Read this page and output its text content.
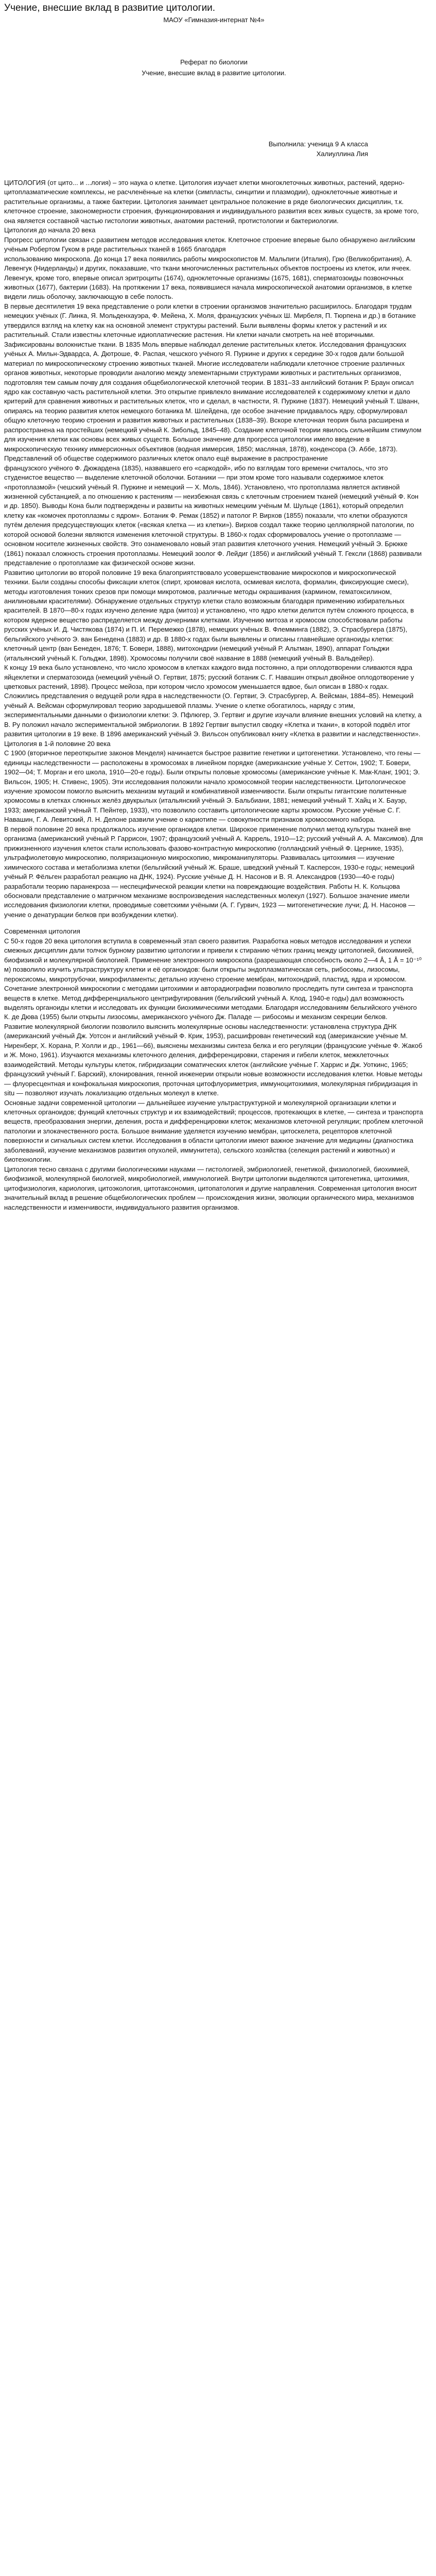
Учение, внесшие вклад в развитие цитологии.

МАОУ «Гимназия-интернат №4»

Реферат по биологии

Учение, внесшие вклад в развитие цитологии.

Выполнила: ученица 9 А класса

Халиуллина Лия

ЦИТОЛОГИЯ (от цито... и ...логия) – это наука о клетке. Цитология изучает клетки многоклеточных животных, растений, ядерно-цитоплазматические комплексы, не расчленённые на клетки (симпласты, синцитии и плазмодии), одноклеточные животные и растительные организмы, а также бактерии. Цитология занимает центральное положение в ряде биологических дисциплин, т.к. клеточное строение, закономерности строения, функционирования и индивидуального развития всех живых существ, за кроме того, она является составной частью гистологии животных, анатомии растений, протистологии и бактериологии.

Цитология до начала 20 века

Прогресс цитологии связан с развитием методов исследования клеток. Клеточное строение впервые было обнаружено английским учёным Робертом Гуком в ряде растительных тканей в 1665 благодаря

использованию микроскопа. До конца 17 века появились работы микроскопистов М. Мальпиги (Италия), Грю (Великобритания), А. Левенгук (Нидерланды) и других, показавшие, что ткани многочисленных растительных объектов построены из клеток, или ячеек. Левенгук, кроме того, впервые описал эритроциты (1674), одноклеточные организмы (1675, 1681), сперматозоиды позвоночных животных (1677), бактерии (1683). На протяжении 17 века, появившиеся начала микроскопической анатомии организмов, в клетке видели лишь оболочку, заключающую в себе полость.

В первые десятилетия 19 века представление о роли клетки в строении организмов значительно расширилось. Благодаря трудам немецких учёных (Г. Линка, Я. Мольденхауэра, Ф. Мейена, Х. Моля, французских учёных Ш. Мирбеля, П. Тюрпена и др.) в ботанике утвердился взгляд на клетку как на основной элемент структуры растений. Были выявлены формы клеток у растений и их растительный. Стали известны клеточные идиоплатические растения. Ни клетки начали смотреть на неё вторичными. Зафиксированы волокнистые ткани. В 1835 Моль впервые наблюдал деление растительных клеток. Исследования французских учёных А. Мильн-Эдвардса, А. Дютроше, Ф. Распая, чешского учёного Я. Пуркине и других к середине 30-х годов дали большой материал по микроскопическому строению животных тканей. Многие исследователи наблюдали клеточное строение различных органов животных, некоторые проводили аналогию между элементарными структурами животных и растительных организмов, подготовляя тем самым почву для создания общебиологической клеточной теории. В 1831–33 английский ботаник Р. Браун описал ядро как составную часть растительной клетки. Это открытие привлекло внимание исследователей к содержимому клетки и дало критерий для сравнения животных и растительных клеток, что и сделал, в частности, Я. Пуркине (1837). Немецкий учёный Т. Шванн, опираясь на теорию развития клеток немецкого ботаника М. Шлейдена, где особое значение придавалось ядру, сформулировал общую клеточную теорию строения и развития животных и растительных (1838–39). Вскоре клеточная теория была расширена и распространена на простейших (немецкий учёный К. Зибольд, 1845–48). Создание клеточной теории явилось сильнейшим стимулом для изучения клетки как основы всех живых существ. Большое значение для прогресса цитологии имело введение в микроскопическую технику иммерсионных объективов (водная иммерсия, 1850; масляная, 1878), конденсора (Э. Аббе, 1873). Представлений об обществе содержимого различных клеток опало ещё выражение в распространение

французского учёного Ф. Дюжардена (1835), назвавшего его «саркодой», ибо по взглядам того времени считалось, что это студенистое вещество — выделение клеточной оболочки. Ботаники — при этом кроме того называли содержимое клеток «протоплазмой» (чешский учёный Я. Пуркине и немецкий — Х. Моль, 1846). Установлено, что протоплазма является активной жизненной субстанцией, а по отношению к растениям — неизбежная связь с клеточным строением тканей (немецкий учёный Ф. Кон и др. 1850). Выводы Кона были подтверждены и развиты на животных немецким учёным М. Шульце (1861), который определил клетку как «комочек протоплазмы с ядром». Ботаник Ф. Ремак (1852) и патолог Р. Вирхов (1855) показали, что клетки образуются путём деления предсуществующих клеток («всякая клетка — из клетки»). Вирхов создал также теорию целлюлярной патологии, по которой основой болезни являются изменения клеточной структуры. В 1860-х годах сформировалось учение о протоплазме — основном носителе жизненных свойств. Это ознаменовало новый этап развития клеточного учения. Немецкий учёный Э. Брюкке (1861) показал сложность строения протоплазмы. Немецкий зоолог Ф. Лейдиг (1856) и английский учёный Т. Гексли (1868) развивали представление о протоплазме как физической основе жизни.

Развитию цитологии во второй половине 19 века благоприятствовало усовершенствование микроскопов и микроскопической техники. Были созданы способы фиксации клеток (спирт, хромовая кислота, осмиевая кислота, формалин, фиксирующие смеси), методы изготовления тонких срезов при помощи микротомов, различные методы окрашивания (кармином, гематоксилином, анилиновыми красителями). Обнаружение отдельных структур клетки стало возможным благодаря применению избирательных красителей. В 1870—80-х годах изучено деление ядра (митоз) и установлено, что ядро клетки делится путём сложного процесса, в котором ядерное вещество распределяется между дочерними клетками. Изучению митоза и хромосом способствовали работы русских учёных И. Д. Чистякова (1874) и П. И. Перемежко (1878), немецких учёных В. Флемминга (1882), Э. Страсбургера (1875), бельгийского учёного Э. ван Бенедена (1883) и др. В 1880-х годах были выявлены и описаны главнейшие органоиды клетки: клеточный центр (ван Бенеден, 1876; Т. Бовери, 1888), митохондрии (немецкий учёный Р. Альтман, 1890), аппарат Гольджи (итальянский учёный К. Гольджи, 1898). Хромосомы получили своё название в 1888 (немецкий учёный В. Вальдейер).

К концу 19 века было установлено, что число хромосом в клетках каждого вида постоянно, а при оплодотворении сливаются ядра яйцеклетки и сперматозоида (немецкий учёный О. Гертвиг, 1875; русский ботаник С. Г. Навашин открыл двойное оплодотворение у цветковых растений, 1898). Процесс мейоза, при котором число хромосом уменьшается вдвое, был описан в 1880-х годах. Сложились представления о ведущей роли ядра в наследственности (О. Гертвиг, Э. Страсбургер, А. Вейсман, 1884–85). Немецкий учёный А. Вейсман сформулировал теорию зародышевой плазмы. Учение о клетке обогатилось, наряду с этим, экспериментальными данными о физиологии клетки: Э. Пфлюгер, Э. Гертвиг и другие изучали влияние внешних условий на клетку, а В. Ру положил начало экспериментальной эмбриологии. В 1892 Гертвиг выпустил сводку «Клетка и ткани», в которой подвёл итог развития цитологии в 19 веке. В 1896 американский учёный Э. Вильсон опубликовал книгу «Клетка в развитии и наследственности».

Цитология в 1-й половине 20 века

С 1900 (вторичное переоткрытие законов Менделя) начинается быстрое развитие генетики и цитогенетики. Установлено, что гены — единицы наследственности — расположены в хромосомах в линейном порядке (американские учёные У. Сеттон, 1902; Т. Бовери, 1902—04; Т. Морган и его школа, 1910—20-е годы). Были открыты половые хромосомы (американские учёные К. Мак-Кланг, 1901; Э. Вильсон, 1905; Н. Стивенс, 1905). Эти исследования положили начало хромосомной теории наследственности. Цитологическое изучение хромосом помогло выяснить механизм мутаций и комбинативной изменчивости. Были открыты гигантские политенные хромосомы в клетках слюнных желёз двукрылых (итальянский учёный Э. Бальбиани, 1881; немецкий учёный Т. Хайц и Х. Бауэр, 1933; американский учёный Т. Пейнтер, 1933), что позволило составить цитологические карты хромосом. Русские учёные С. Г. Навашин, Г. А. Левитский, Л. Н. Делоне развили учение о кариотипе — совокупности признаков хромосомного набора.

В первой половине 20 века продолжалось изучение органоидов клетки. Широкое применение получил метод культуры тканей вне организма (американский учёный Р. Гаррисон, 1907; французский учёный А. Каррель, 1910—12; русский учёный А. А. Максимов). Для прижизненного изучения клеток стали использовать фазово-контрастную микроскопию (голландский учёный Ф. Цернике, 1935), ультрафиолетовую микроскопию, поляризационную микроскопию, микроманипуляторы. Развивалась цитохимия — изучение химического состава и метаболизма клетки (бельгийский учёный Ж. Браше, шведский учёный Т. Касперсон, 1930-е годы; немецкий учёный Р. Фёльген разработал реакцию на ДНК, 1924). Русские учёные Д. Н. Насонов и В. Я. Александров (1930—40-е годы) разработали теорию паранекроза — неспецифической реакции клетки на повреждающие воздействия. Работы Н. К. Кольцова обосновали представление о матричном механизме воспроизведения наследственных молекул (1927). Большое значение имели исследования физиологии клетки, проводимые советскими учёными (А. Г. Гурвич, 1923 — митогенетические лучи; Д. Н. Насонов — учение о денатурации белков при возбуждении клетки).

Современная цитология

С 50-х годов 20 века цитология вступила в современный этап своего развития. Разработка новых методов исследования и успехи смежных дисциплин дали толчок бурному развитию цитологии и привели к стиранию чётких границ между цитологией, биохимией, биофизикой и молекулярной биологией. Применение электронного микроскопа (разрешающая способность около 2—4 Å, 1 Å = 10⁻¹⁰ м) позволило изучить ультраструктуру клетки и её органоидов: были открыты эндоплазматическая сеть, рибосомы, лизосомы, пероксисомы, микротрубочки, микрофиламенты; детально изучено строение мембран, митохондрий, пластид, ядра и хромосом. Сочетание электронной микроскопии с методами цитохимии и авторадиографии позволило проследить пути синтеза и транспорта веществ в клетке. Метод дифференциального центрифугирования (бельгийский учёный А. Клод, 1940-е годы) дал возможность выделять органоиды клетки и исследовать их функции биохимическими методами. Благодаря исследованиям бельгийского учёного К. де Дюва (1955) были открыты лизосомы, американского учёного Дж. Паладе — рибосомы и механизм секреции белков.

Развитие молекулярной биологии позволило выяснить молекулярные основы наследственности: установлена структура ДНК (американский учёный Дж. Уотсон и английский учёный Ф. Крик, 1953), расшифрован генетический код (американские учёные М. Ниренберг, Х. Корана, Р. Холли и др., 1961—66), выяснены механизмы синтеза белка и его регуляции (французские учёные Ф. Жакоб и Ж. Моно, 1961). Изучаются механизмы клеточного деления, дифференцировки, старения и гибели клеток, межклеточных взаимодействий. Методы культуры клеток, гибридизации соматических клеток (английские учёные Г. Харрис и Дж. Уоткинс, 1965; французский учёный Г. Барский), клонирования, генной инженерии открыли новые возможности исследования клетки. Новые методы — флуоресцентная и конфокальная микроскопия, проточная цитофлуориметрия, иммуноцитохимия, молекулярная гибридизация in situ — позволяют изучать локализацию отдельных молекул в клетке.

Основные задачи современной цитологии — дальнейшее изучение ультраструктурной и молекулярной организации клетки и клеточных органоидов; функций клеточных структур и их взаимодействий; процессов, протекающих в клетке, — синтеза и транспорта веществ, преобразования энергии, деления, роста и дифференцировки клеток; механизмов клеточной регуляции; проблем клеточной патологии и злокачественного роста. Большое внимание уделяется изучению мембран, цитоскелета, рецепторов клеточной поверхности и сигнальных систем клетки. Исследования в области цитологии имеют важное значение для медицины (диагностика заболеваний, изучение механизмов развития опухолей, иммунитета), сельского хозяйства (селекция растений и животных) и биотехнологии.

Цитология тесно связана с другими биологическими науками — гистологией, эмбриологией, генетикой, физиологией, биохимией, биофизикой, молекулярной биологией, микробиологией, иммунологией. Внутри цитологии выделяются цитогенетика, цитохимия, цитофизиология, кариология, цитоэкология, цитотаксономия, цитопатология и другие направления. Современная цитология вносит значительный вклад в решение общебиологических проблем — происхождения жизни, эволюции органического мира, механизмов наследственности и изменчивости, индивидуального развития организмов.
